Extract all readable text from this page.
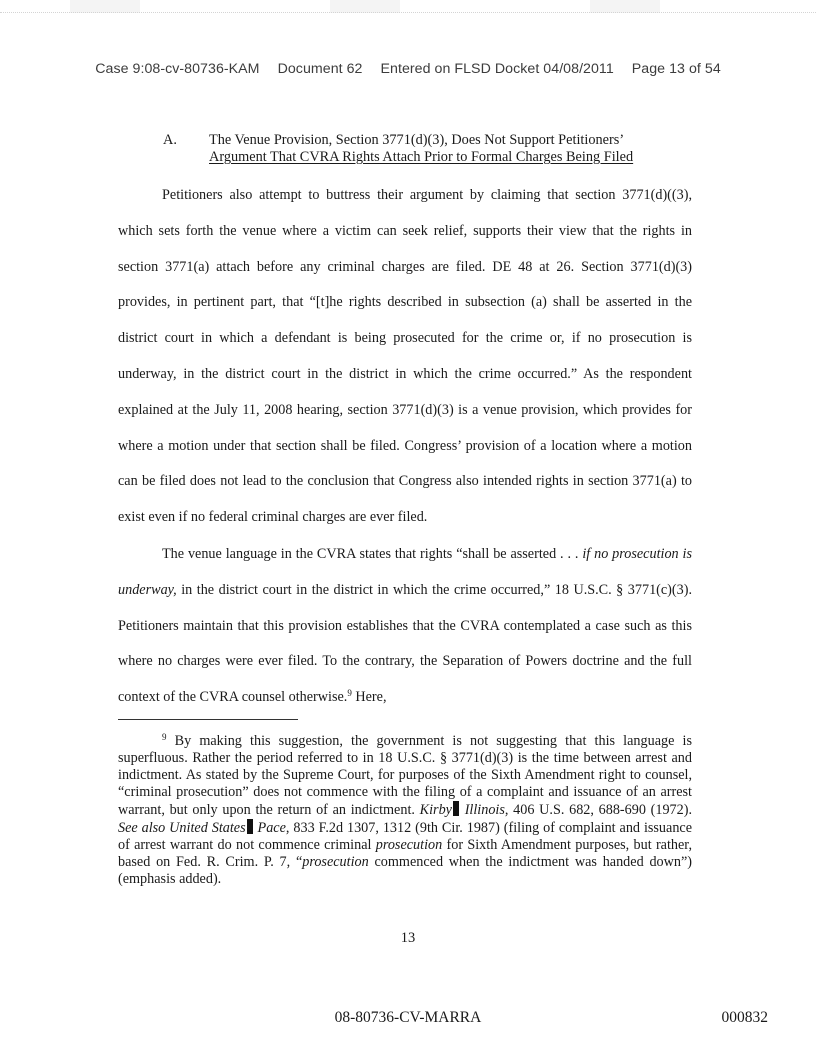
Case 9:08-cv-80736-KAM Document 62 Entered on FLSD Docket 04/08/2011 Page 13 of 54
A. The Venue Provision, Section 3771(d)(3), Does Not Support Petitioners’
Argument That CVRA Rights Attach Prior to Formal Charges Being Filed

Petitioners also attempt to buttress their argument by claiming that section 3771(d)((3), which sets forth the venue where a victim can seek relief, supports their view that the rights in section 3771(a) attach before any criminal charges are filed. DE 48 at 26. Section 3771(d)(3) provides, in pertinent part, that “[t]he rights described in subsection (a) shall be asserted in the district court in which a defendant is being prosecuted for the crime or, if no prosecution is underway, in the district court in the district in which the crime occurred.” As the respondent explained at the July 11, 2008 hearing, section 3771(d)(3) is a venue provision, which provides for where a motion under that section shall be filed. Congress’ provision of a location where a motion can be filed does not lead to the conclusion that Congress also intended rights in section 3771(a) to exist even if no federal criminal charges are ever filed.

The venue language in the CVRA states that rights “shall be asserted . . . if no prosecution is underway, in the district court in the district in which the crime occurred,” 18 U.S.C. § 3771(c)(3). Petitioners maintain that this provision establishes that the CVRA contemplated a case such as this where no charges were ever filed. To the contrary, the Separation of Powers doctrine and the full context of the CVRA counsel otherwise.$^9$ Here,

$^9$ By making this suggestion, the government is not suggesting that this language is superfluous. Rather the period referred to in 18 U.S.C. § 3771(d)(3) is the time between arrest and indictment. As stated by the Supreme Court, for purposes of the Sixth Amendment right to counsel, “criminal prosecution” does not commence with the filing of a complaint and issuance of an arrest warrant, but only upon the return of an indictment. Kirby Illinois, 406 U.S. 682, 688-690 (1972). See also United States Pace, 833 F.2d 1307, 1312 (9th Cir. 1987) (filing of complaint and issuance of arrest warrant do not commence criminal prosecution for Sixth Amendment purposes, but rather, based on Fed. R. Crim. P. 7, “prosecution commenced when the indictment was handed down”) (emphasis added).

13
08-80736-CV-MARRA	000832
